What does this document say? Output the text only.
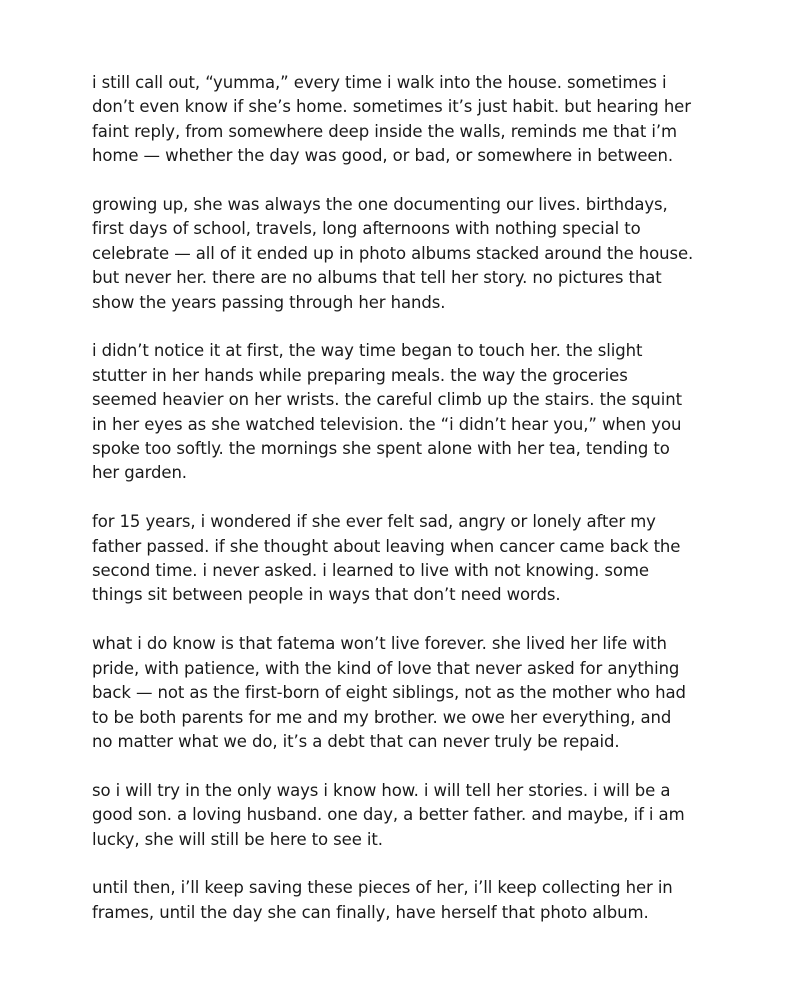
i still call out, “yumma,” every time i walk into the house. sometimes i
don’t even know if she’s home. sometimes it’s just habit. but hearing her
faint reply, from somewhere deep inside the walls, reminds me that i’m
home — whether the day was good, or bad, or somewhere in between.

growing up, she was always the one documenting our lives. birthdays,
first days of school, travels, long afternoons with nothing special to
celebrate — all of it ended up in photo albums stacked around the house.
but never her. there are no albums that tell her story. no pictures that
show the years passing through her hands.

i didn’t notice it at first, the way time began to touch her. the slight
stutter in her hands while preparing meals. the way the groceries
seemed heavier on her wrists. the careful climb up the stairs. the squint
in her eyes as she watched television. the “i didn’t hear you,” when you
spoke too softly. the mornings she spent alone with her tea, tending to
her garden.

for 15 years, i wondered if she ever felt sad, angry or lonely after my
father passed. if she thought about leaving when cancer came back the
second time. i never asked. i learned to live with not knowing. some
things sit between people in ways that don’t need words.

what i do know is that fatema won’t live forever. she lived her life with
pride, with patience, with the kind of love that never asked for anything
back — not as the first-born of eight siblings, not as the mother who had
to be both parents for me and my brother. we owe her everything, and
no matter what we do, it’s a debt that can never truly be repaid.

so i will try in the only ways i know how. i will tell her stories. i will be a
good son. a loving husband. one day, a better father. and maybe, if i am
lucky, she will still be here to see it.

until then, i’ll keep saving these pieces of her, i’ll keep collecting her in
frames, until the day she can finally, have herself that photo album.
